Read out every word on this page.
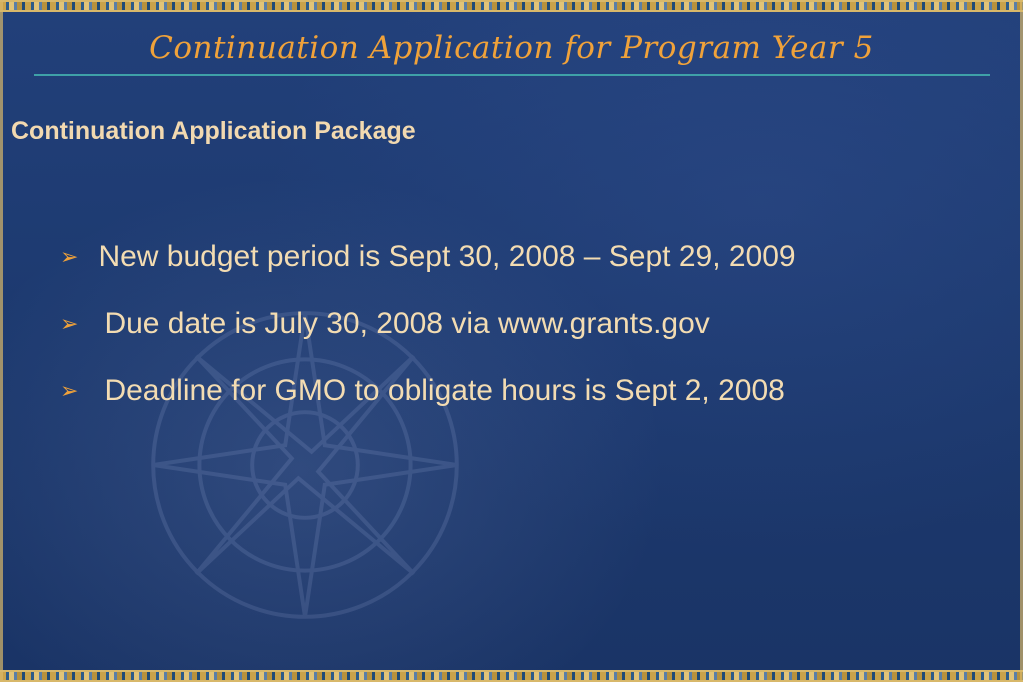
Continuation Application for Program Year 5
Continuation Application Package
➢ New budget period is Sept 30, 2008 – Sept 29, 2009
➢ Due date is July 30, 2008 via www.grants.gov
➢ Deadline for GMO to obligate hours is Sept 2, 2008
